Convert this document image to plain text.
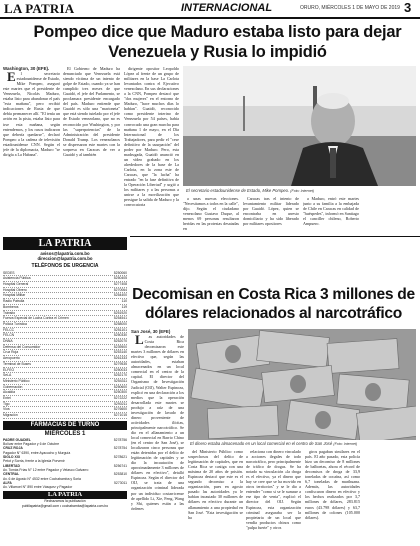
LA PATRIA	INTERNACIONAL	ORURO, MIÉRCOLES 1 DE MAYO DE 2019 3
Pompeo dice que Maduro estaba listo para dejar Venezuela y Rusia lo impidió
Washington, 30 (EFE).

El secretario estadounidense de Estado, Mike Pompeo, aseguró este martes que el presidente de Venezuela, Nicolás Maduro, estaba listo para abandonar el país "esta mañana", pero recibió indicaciones de Rusia de que debía permanecer allí. "El tenía un avión en la pista, estaba listo para irse esta mañana, según entendemos, y los rusos indicaron que debería quedarse", declaró Pompeo a la cadena de televisión estadounidense CNN. Según el jefe de la diplomacia, Maduro "se dirigía a La Habana".

El Gobierno de Maduro ha denunciado que Venezuela está siendo víctima de un intento de golpe de Estado, cuando ya se han cumplido tres meses de que Guaidó, el jefe del Parlamento, se proclamara presidente encargado del país. Maduro entiende que Guaidó es sólo una "marioneta" que está siendo tutelado por el jefe de Estado venezolano, que no es reconocido por Washington, y por las "superpotencias" de la Administración del presidente Donald Trump. Los venezolanos se dispersaron este martes con la sorpresa en Caracas de ver a Guaidó y al también

dirigente opositor Leopoldo López al frente de un grupo de militares en la base La Carlota levantados contra el Ejecutivo venezolano. En sus declaraciones a la CNN, Pompeo destacó que "dos mujeres" en el entorno de Maduro, "hace muchos días lo habían". Guaidó, reconocido como presidente interino de Venezuela por 54 países, había convocado una gran marcha para mañana 1 de mayo, en el Día Internacional de los Trabajadores, para pedir el "cese definitivo de la usurpación" del poder por Maduro. Pero, esta madrugada, Guaidó anunció en un vídeo grabado en los alrededores de la base de La Carlota, en la zona este de Caracas, que "la lucha" ha entrado "en la fase definitiva de la Operación Libertad" y urgió a los militares y a las personas a unirse a la movilización que persigue la salida de Maduro y la convocatoria

El secretario estadounidense de Estado, Mike Pompeo. (Foto: Internet)

a unas nuevas elecciones. "Necesitamos a todos en la calle", dijo. Según el ciudadano venezolano Gustavo Duque, al menos 69 personas resultaron heridas en las protestas desatadas en

Caracas tras el intento de levantamiento militar liderado por Guaidó. López, quien se encontraba en arresto domiciliario y ha sido liberado por militares opositores

a Maduro, entró este martes junto a su familia a la embajada de Chile en Caracas en calidad de "huéspedes", informó en Santiago el canciller chileno, Roberto Ampuero.

LA PATRIA
avisos@lapatria.com.bo
direccion@lapatria.com.bo
TELÉFONOS DE URGENCIA
SEDES	5250060
Asistencia Pública	5250405
Hospital General	5277408
Hospital Obrero	5270064
Hospital Militar	5254400
Radio Patrulla	110
Bomberos	119
Tránsito	5251920
Fuerza Especial de Lucha Contra el Crimen	5254541
Policía Turística	5258000
FELCC	5251101
FELCN	5250330
DNNA	5252070
Defensa del Consumidor	5239500
Cruz Roja	5253140
Aeropuerto	5261333
Terminal de Buses	5279535
ELFEO	5250033
SeLA	5252170
Ministerio Público	5254311
Gobernación	5250600
Alcaldía	5250300
Entel	5272222
Tigo	5290211
Viva	5276600
Migración	5271015
FARMACIAS DE TURNO
MIÉRCOLES 1
PADRE GUADIEL	5278756
Bolívar entre Pagador y 6 de Octubre
CRUZ ROJA	5278754
Pagador N° 6390, entre Ayacucho y Murguía
SIGLO XXI	5278621
Petot y Sorria, frente a la Iglesia Porvenir
LIBERTAD	5256741
Av. Tomás Frías N° 12 entre Pagador y Velasco Galvarro
CENTRAL	5253810
Av. 6 de Agosto N° 4532 entre Cochabamba y Soria
ALFA	5273011
Av. Villarroel N° 890 entre Vásquez y Pagador
LA PATRIA
Rechazamos la publicación
publilapatria@gmail.com • cochabamba@lapatria.com.bo
Decomisan en Costa Rica 3 millones de dólares relacionados al narcotráfico
San José, 30 (EFE)

Las autoridades de Costa Rica decomisaron este martes 3 millones de dólares en efectivo que, según las autoridades, estaban almacenados en un local comercial en el centro de la capital. El director del Organismo de Investigación Judicial (OIJ), Walter Espinoza, explicó en una declaración a los medios que la operación desarrollada este martes se produjo a raíz de una investigación de lavado de dinero proveniente de actividades ilícitas, principalmente narcotráfico. Se dio en el allanamiento a un local comercial en Barrio Chino (en el centro de San José), se localizaron cinco personas que están detenidas por el delito de legitimación de capitales y se dio la incautación de aproximadamente 3 millones de dólares en efectivo", detalló Espinoza. Según el director del OIJ, se trata de una organización criminal liderada por un individuo costarricense de apellido Li, Xie, Feng, Wang y Shi, quienes están a las órdenes

El dinero estaba almacenado en un local comercial en el centro de San José (Foto: Internet)

del Ministerio Público como sospechosos del delito de legitimación de capitales, que en Costa Rica se castiga con una máxima de 20 años de prisión. Espinoza destacó que este es el segundo decomiso a la organización, pues en agosto pasado las autoridades ya le habían incautado 30 millones de dólares en efectivo durante un allanamiento a una propiedad en San José. "Esta investigación se ha

relaciona con dinero vinculado a acciones ilegales de todo narcotráfico, pero principalmente de tráfico de drogas. Se ha notado su vinculación «la droga es el efectivo, ya el dinero que hay se cree que se ha movido en otros territorios" y se le dio a entender "como si se le sumase a ese tipo de venta", explicó el director del OIJ. Según Espinoza, esta organización criminal aseguraba ser la propietaria de un local que vendía productos chinos como "pulpa fuerte" y otros

giros pagaban similares en el país. El año pasado, esta policía hizo un decomiso de 8 millones de balboetas, ahora el récord de decomisos de droga de 33,9 toneladas de cocaína, así como 6,7 toneladas de marihuana. Además, las autoridades confiscaron dinero en efectivo y los hechos realizados por 3,7 millones de dólares, 283.815 euros (43.798 dólares) y 63,7 millones de colones (105.000 dólares).
